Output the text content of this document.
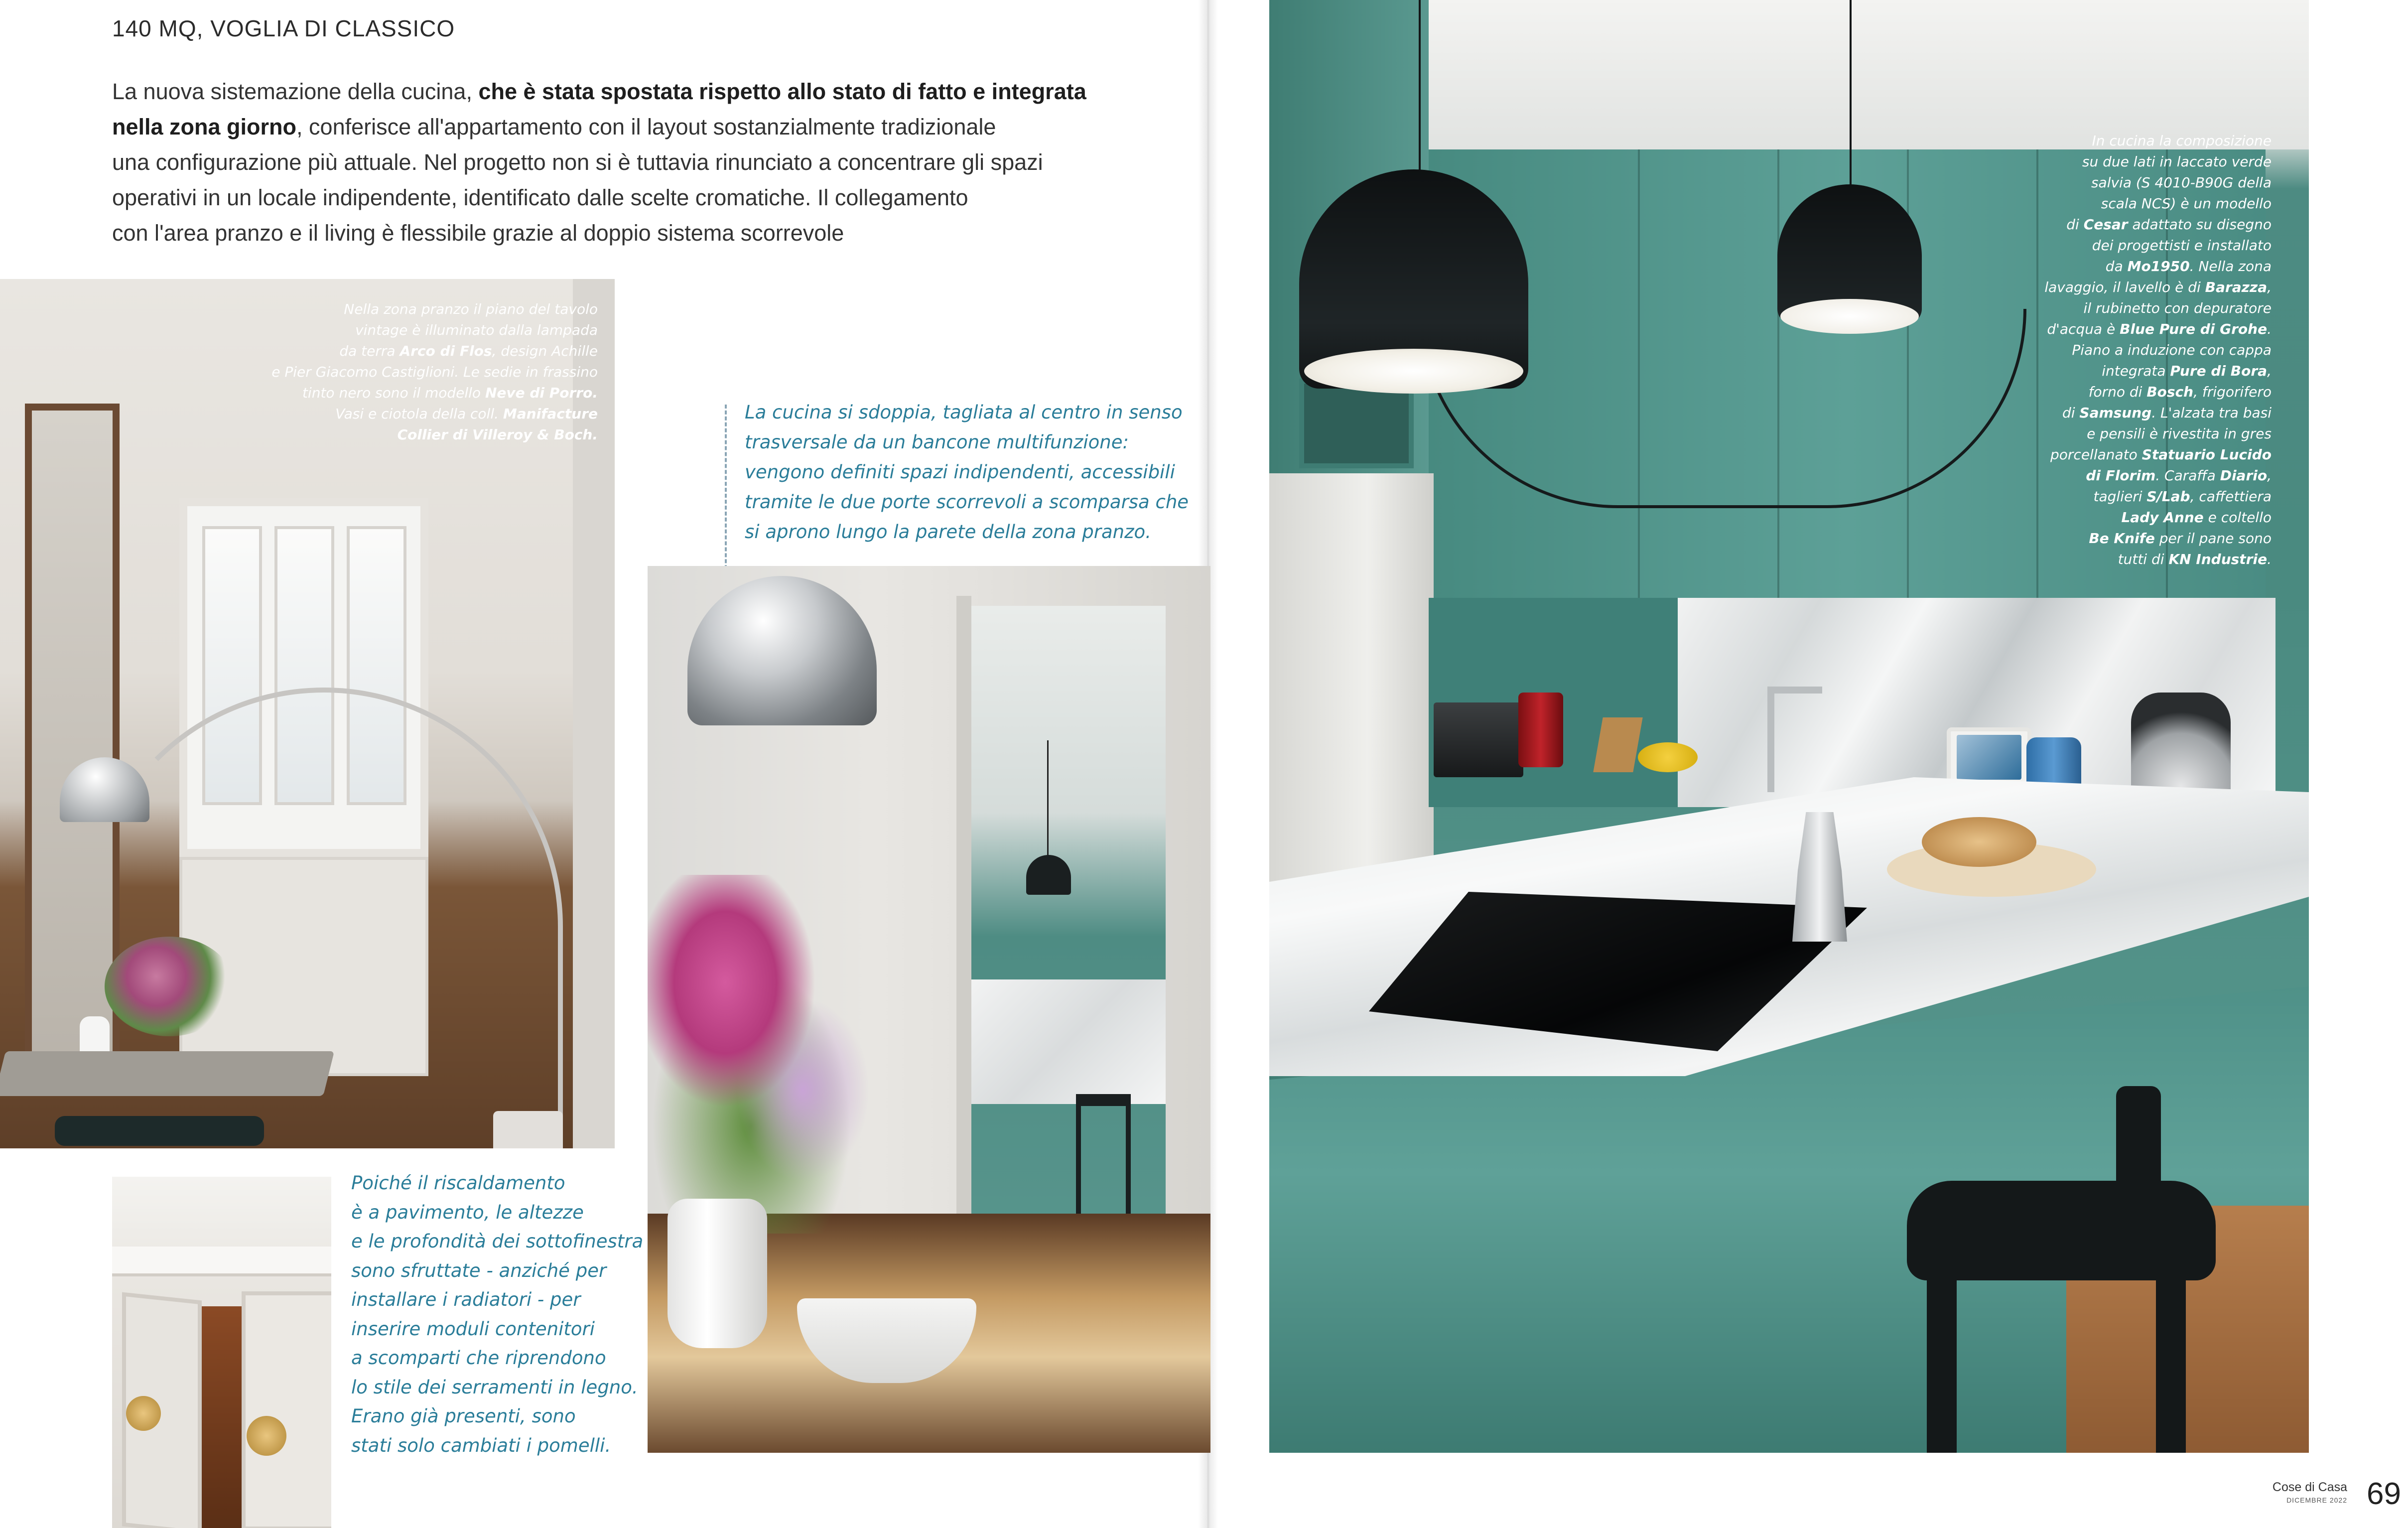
140 MQ, VOGLIA DI CLASSICO
La nuova sistemazione della cucina, che è stata spostata rispetto allo stato di fatto e integrata
nella zona giorno, conferisce all'appartamento con il layout sostanzialmente tradizionale
una configurazione più attuale. Nel progetto non si è tuttavia rinunciato a concentrare gli spazi
operativi in un locale indipendente, identificato dalle scelte cromatiche. Il collegamento
con l'area pranzo e il living è flessibile grazie al doppio sistema scorrevole
Nella zona pranzo il piano del tavolo
vintage è illuminato dalla lampada
da terra Arco di Flos, design Achille
e Pier Giacomo Castiglioni. Le sedie in frassino
tinto nero sono il modello Neve di Porro.
Vasi e ciotola della coll. Manifacture
Collier di Villeroy & Boch.
La cucina si sdoppia, tagliata al centro in senso
trasversale da un bancone multifunzione:
vengono definiti spazi indipendenti, accessibili
tramite le due porte scorrevoli a scomparsa che
si aprono lungo la parete della zona pranzo.
Poiché il riscaldamento
è a pavimento, le altezze
e le profondità dei sottofinestra
sono sfruttate - anziché per
installare i radiatori - per
inserire moduli contenitori
a scomparti che riprendono
lo stile dei serramenti in legno.
Erano già presenti, sono
stati solo cambiati i pomelli.
In cucina la composizione
su due lati in laccato verde
salvia (S 4010-B90G della
scala NCS) è un modello
di Cesar adattato su disegno
dei progettisti e installato
da Mo1950. Nella zona
lavaggio, il lavello è di Barazza,
il rubinetto con depuratore
d'acqua è Blue Pure di Grohe.
Piano a induzione con cappa
integrata Pure di Bora,
forno di Bosch, frigorifero
di Samsung. L'alzata tra basi
e pensili è rivestita in gres
porcellanato Statuario Lucido
di Florim. Caraffa Diario,
taglieri S/Lab, caffettiera
Lady Anne e coltello
Be Knife per il pane sono
tutti di KN Industrie.
Cose di Casa
DICEMBRE 2022 69
